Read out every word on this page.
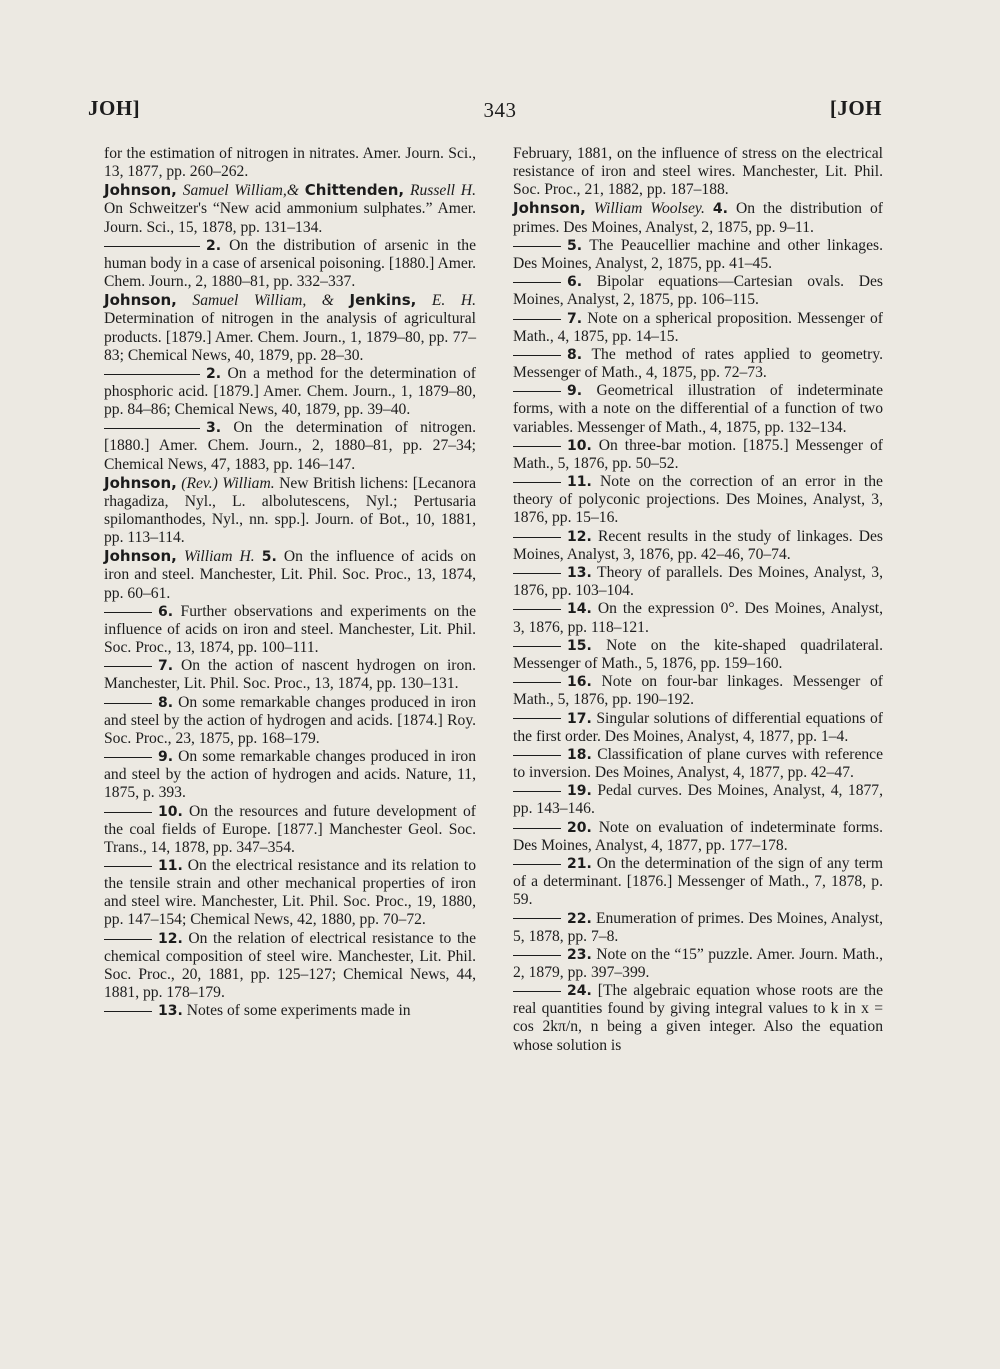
JOH]	343	[JOH

for the estimation of nitrogen in nitrates. Amer. Journ. Sci., 13, 1877, pp. 260–262.

Johnson, Samuel William,& Chittenden, Russell H. On Schweitzer's “New acid ammonium sulphates.” Amer. Journ. Sci., 15, 1878, pp. 131–134.

2. On the distribution of arsenic in the human body in a case of arsenical poisoning. [1880.] Amer. Chem. Journ., 2, 1880–81, pp. 332–337.

Johnson, Samuel William, & Jenkins, E. H. Determination of nitrogen in the analysis of agricultural products. [1879.] Amer. Chem. Journ., 1, 1879–80, pp. 77–83; Chemical News, 40, 1879, pp. 28–30.

2. On a method for the determination of phosphoric acid. [1879.] Amer. Chem. Journ., 1, 1879–80, pp. 84–86; Chemical News, 40, 1879, pp. 39–40.

3. On the determination of nitrogen. [1880.] Amer. Chem. Journ., 2, 1880–81, pp. 27–34; Chemical News, 47, 1883, pp. 146–147.

Johnson, (Rev.) William. New British lichens: [Lecanora rhagadiza, Nyl., L. albolutescens, Nyl.; Pertusaria spilomanthodes, Nyl., nn. spp.]. Journ. of Bot., 10, 1881, pp. 113–114.

Johnson, William H. 5. On the influence of acids on iron and steel. Manchester, Lit. Phil. Soc. Proc., 13, 1874, pp. 60–61.

6. Further observations and experiments on the influence of acids on iron and steel. Manchester, Lit. Phil. Soc. Proc., 13, 1874, pp. 100–111.

7. On the action of nascent hydrogen on iron. Manchester, Lit. Phil. Soc. Proc., 13, 1874, pp. 130–131.

8. On some remarkable changes produced in iron and steel by the action of hydrogen and acids. [1874.] Roy. Soc. Proc., 23, 1875, pp. 168–179.

9. On some remarkable changes produced in iron and steel by the action of hydrogen and acids. Nature, 11, 1875, p. 393.

10. On the resources and future development of the coal fields of Europe. [1877.] Manchester Geol. Soc. Trans., 14, 1878, pp. 347–354.

11. On the electrical resistance and its relation to the tensile strain and other mechanical properties of iron and steel wire. Manchester, Lit. Phil. Soc. Proc., 19, 1880, pp. 147–154; Chemical News, 42, 1880, pp. 70–72.

12. On the relation of electrical resistance to the chemical composition of steel wire. Manchester, Lit. Phil. Soc. Proc., 20, 1881, pp. 125–127; Chemical News, 44, 1881, pp. 178–179.

13. Notes of some experiments made in

February, 1881, on the influence of stress on the electrical resistance of iron and steel wires. Manchester, Lit. Phil. Soc. Proc., 21, 1882, pp. 187–188.

Johnson, William Woolsey. 4. On the distribution of primes. Des Moines, Analyst, 2, 1875, pp. 9–11.

5. The Peaucellier machine and other linkages. Des Moines, Analyst, 2, 1875, pp. 41–45.

6. Bipolar equations—Cartesian ovals. Des Moines, Analyst, 2, 1875, pp. 106–115.

7. Note on a spherical proposition. Messenger of Math., 4, 1875, pp. 14–15.

8. The method of rates applied to geometry. Messenger of Math., 4, 1875, pp. 72–73.

9. Geometrical illustration of indeterminate forms, with a note on the differential of a function of two variables. Messenger of Math., 4, 1875, pp. 132–134.

10. On three-bar motion. [1875.] Messenger of Math., 5, 1876, pp. 50–52.

11. Note on the correction of an error in the theory of polyconic projections. Des Moines, Analyst, 3, 1876, pp. 15–16.

12. Recent results in the study of linkages. Des Moines, Analyst, 3, 1876, pp. 42–46, 70–74.

13. Theory of parallels. Des Moines, Analyst, 3, 1876, pp. 103–104.

14. On the expression 0°. Des Moines, Analyst, 3, 1876, pp. 118–121.

15. Note on the kite-shaped quadrilateral. Messenger of Math., 5, 1876, pp. 159–160.

16. Note on four-bar linkages. Messenger of Math., 5, 1876, pp. 190–192.

17. Singular solutions of differential equations of the first order. Des Moines, Analyst, 4, 1877, pp. 1–4.

18. Classification of plane curves with reference to inversion. Des Moines, Analyst, 4, 1877, pp. 42–47.

19. Pedal curves. Des Moines, Analyst, 4, 1877, pp. 143–146.

20. Note on evaluation of indeterminate forms. Des Moines, Analyst, 4, 1877, pp. 177–178.

21. On the determination of the sign of any term of a determinant. [1876.] Messenger of Math., 7, 1878, p. 59.

22. Enumeration of primes. Des Moines, Analyst, 5, 1878, pp. 7–8.

23. Note on the “15” puzzle. Amer. Journ. Math., 2, 1879, pp. 397–399.

24. [The algebraic equation whose roots are the real quantities found by giving integral values to k in x = cos 2kπ/n, n being a given integer. Also the equation whose solution is
